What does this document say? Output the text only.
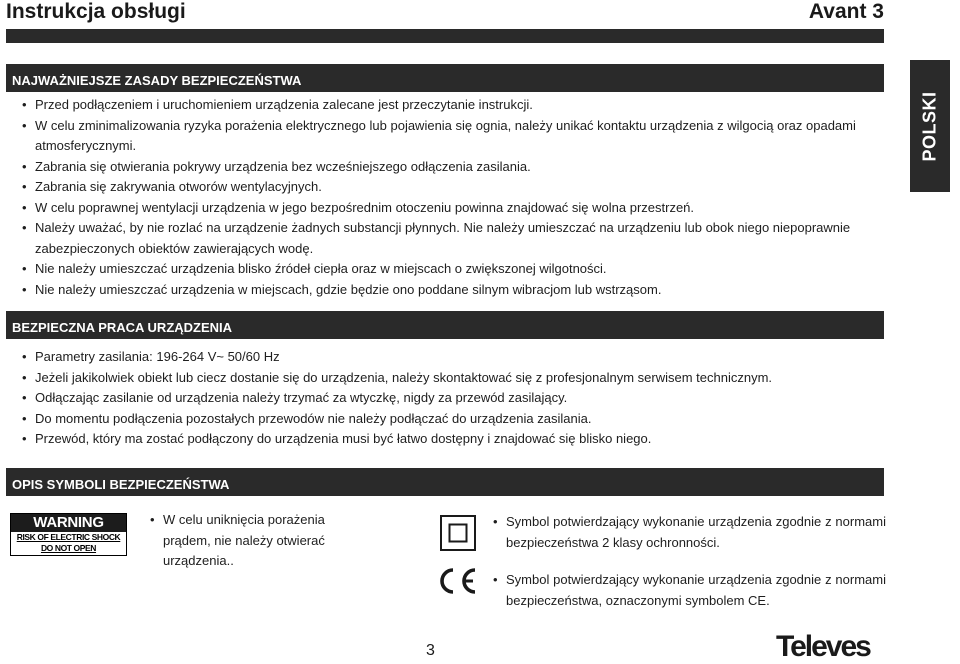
Instrukcja obsługi	Avant 3
POLSKI
NAJWAŻNIEJSZE ZASADY BEZPIECZEŃSTWA
• Przed podłączeniem i uruchomieniem urządzenia zalecane jest przeczytanie instrukcji.
• W celu zminimalizowania ryzyka porażenia elektrycznego lub pojawienia się ognia, należy unikać kontaktu urządzenia z wilgocią oraz opadami atmosferycznymi.
• Zabrania się otwierania pokrywy urządzenia bez wcześniejszego odłączenia zasilania.
• Zabrania się zakrywania otworów wentylacyjnych.
• W celu poprawnej wentylacji urządzenia w jego bezpośrednim otoczeniu powinna znajdować się wolna przestrzeń.
• Należy uważać, by nie rozlać na urządzenie żadnych substancji płynnych. Nie należy umieszczać na urządzeniu lub obok niego niepoprawnie zabezpieczonych obiektów zawierających wodę.
• Nie należy umieszczać urządzenia blisko źródeł ciepła oraz w miejscach o zwiększonej wilgotności.
• Nie należy umieszczać urządzenia w miejscach, gdzie będzie ono poddane silnym wibracjom lub wstrząsom.
BEZPIECZNA PRACA URZĄDZENIA
• Parametry zasilania: 196-264 V~ 50/60 Hz
• Jeżeli jakikolwiek obiekt lub ciecz dostanie się do urządzenia, należy skontaktować się z profesjonalnym serwisem technicznym.
• Odłączając zasilanie od urządzenia należy trzymać za wtyczkę, nigdy za przewód zasilający.
• Do momentu podłączenia pozostałych przewodów nie należy podłączać do urządzenia zasilania.
• Przewód, który ma zostać podłączony do urządzenia musi być łatwo dostępny i znajdować się blisko niego.
OPIS SYMBOLI BEZPIECZEŃSTWA
WARNING
RISK OF ELECTRIC SHOCK
DO NOT OPEN
• W celu uniknięcia porażenia prądem, nie należy otwierać urządzenia..
• Symbol potwierdzający wykonanie urządzenia zgodnie z normami bezpieczeństwa 2 klasy ochronności.
• Symbol potwierdzający wykonanie urządzenia zgodnie z normami bezpieczeństwa, oznaczonymi symbolem CE.
3	Televes
